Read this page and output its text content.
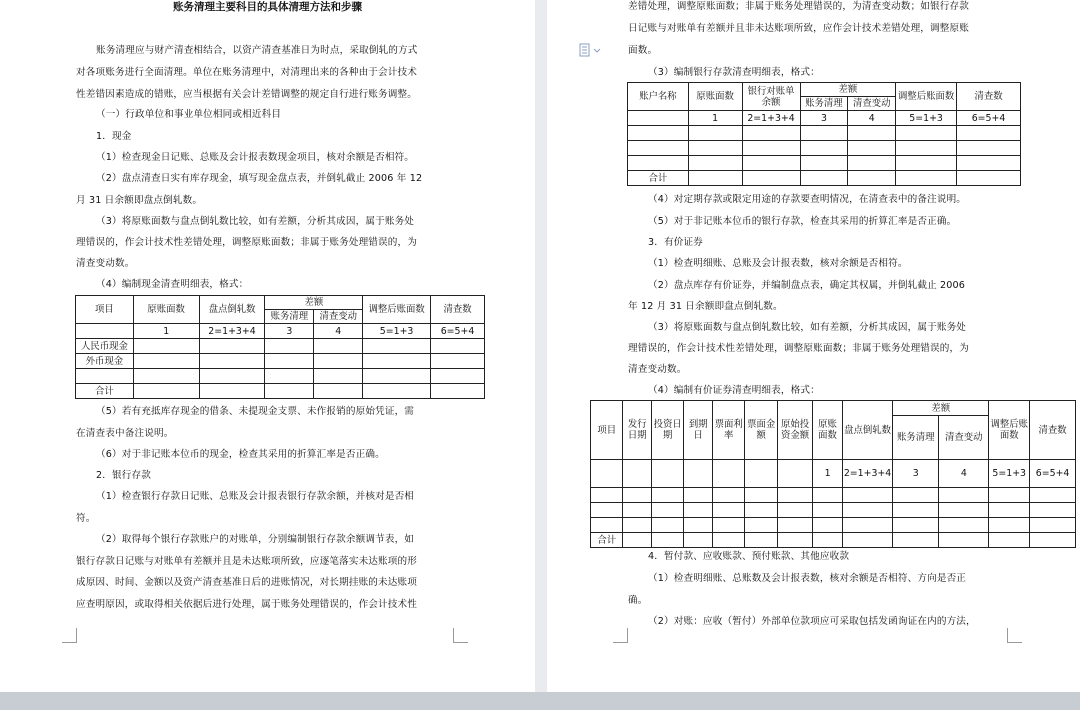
账务清理主要科目的具体清理方法和步骤
账务清理应与财产清查相结合，以资产清查基准日为时点，采取倒轧的方式
对各项账务进行全面清理。单位在账务清理中，对清理出来的各种由于会计技术
性差错因素造成的错账，应当根据有关会计差错调整的规定自行进行账务调整。
（一）行政单位和事业单位相同或相近科目
1．现金
（1）检查现金日记账、总账及会计报表数现金项目，核对余额是否相符。
（2）盘点清查日实有库存现金，填写现金盘点表，并倒轧截止 2006 年 12
月 31 日余额即盘点倒轧数。
（3）将原账面数与盘点倒轧数比较，如有差额，分析其成因，属于账务处
理错误的，作会计技术性差错处理，调整原账面数；非属于账务处理错误的，为
清查变动数。
（4）编制现金清查明细表，格式：
项目	原账面数	盘点倒轧数	差额		调整后账面数	清查数
			账务清理	清查变动		
	1	2=1+3+4	3	4	5=1+3	6=5+4
人民币现金						
外币现金						

合计						
（5）若有充抵库存现金的借条、未提现金支票、未作报销的原始凭证，需
在清查表中备注说明。
（6）对于非记账本位币的现金，检查其采用的折算汇率是否正确。
2．银行存款
（1）检查银行存款日记账、总账及会计报表银行存款余额，并核对是否相
符。
（2）取得每个银行存款账户的对账单，分别编制银行存款余额调节表，如
银行存款日记账与对账单有差额并且是未达账项所致，应逐笔落实未达账项的形
成原因、时间、金额以及资产清查基准日后的进账情况，对长期挂账的未达账项
应查明原因，或取得相关依据后进行处理，属于账务处理错误的，作会计技术性
差错处理，调整原账面数；非属于账务处理错误的，为清查变动数；如银行存款
日记账与对账单有差额并且非未达账项所致，应作会计技术差错处理，调整原账
面数。
（3）编制银行存款清查明细表，格式：
账户名称	原账面数	银行对账单余额	差额		调整后账面数	清查数
			账务清理	清查变动		
	1	2=1+3+4	3	4	5=1+3	6=5+4

合计						
（4）对定期存款或限定用途的存款要查明情况，在清查表中的备注说明。
（5）对于非记账本位币的银行存款，检查其采用的折算汇率是否正确。
3．有价证券
（1）检查明细账、总账及会计报表数，核对余额是否相符。
（2）盘点库存有价证券，并编制盘点表，确定其权属，并倒轧截止 2006
年 12 月 31 日余额即盘点倒轧数。
（3）将原账面数与盘点倒轧数比较，如有差额，分析其成因，属于账务处
理错误的，作会计技术性差错处理，调整原账面数；非属于账务处理错误的，为
清查变动数。
（4）编制有价证券清查明细表，格式：
项目	发行日期	投资日期	到期日	票面利率	票面金额	原始投资金额	原账面数	盘点倒轧数	差额		调整后账面数	清查数
									账务清理	清查变动		
							1	2=1+3+4	3	4	5=1+3	6=5+4

合计												
4．暂付款、应收账款、预付账款、其他应收款
（1）检查明细账、总账数及会计报表数，核对余额是否相符、方向是否正
确。
（2）对账：应收（暂付）外部单位款项应可采取包括发函询证在内的方法，
